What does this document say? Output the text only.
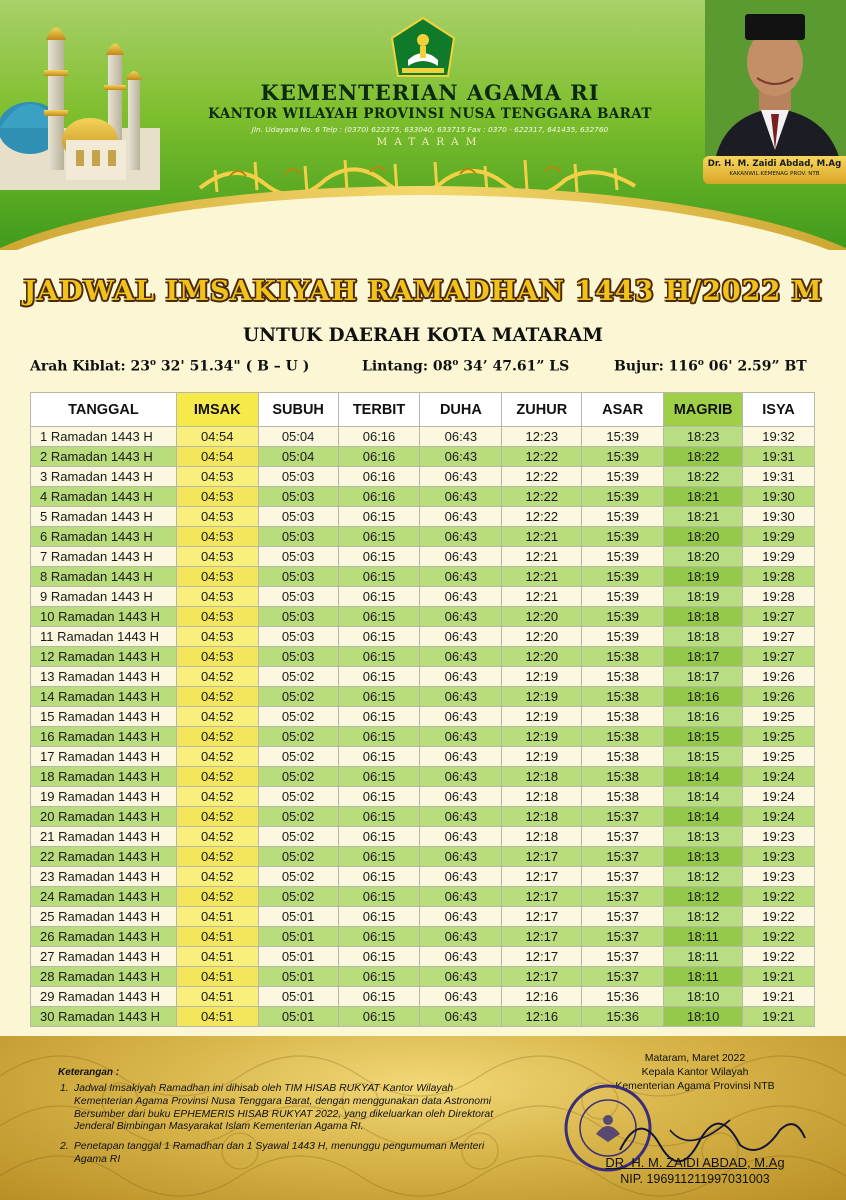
KEMENTERIAN AGAMA RI
KANTOR WILAYAH PROVINSI NUSA TENGGARA BARAT
Jln. Udayana No. 6 Telp : (0370) 622375, 633040, 633715 Fax : 0370 - 622317, 641435, 632760
MATARAM
Dr. H. M. Zaidi Abdad, M.Ag
KAKANWIL KEMENAG PROV. NTB
JADWAL IMSAKIYAH RAMADHAN 1443 H/2022 M
UNTUK DAERAH KOTA MATARAM
Arah Kiblat: 23$^o$ 32' 51.34" ( B – U )	Lintang: 08$^o$ 34’ 47.61” LS	Bujur: 116$^o$ 06' 2.59” BT
TANGGAL	IMSAK	SUBUH	TERBIT	DUHA	ZUHUR	ASAR	MAGRIB	ISYA
1 Ramadan 1443 H	04:54	05:04	06:16	06:43	12:23	15:39	18:23	19:32
2 Ramadan 1443 H	04:54	05:04	06:16	06:43	12:22	15:39	18:22	19:31
3 Ramadan 1443 H	04:53	05:03	06:16	06:43	12:22	15:39	18:22	19:31
4 Ramadan 1443 H	04:53	05:03	06:16	06:43	12:22	15:39	18:21	19:30
5 Ramadan 1443 H	04:53	05:03	06:15	06:43	12:22	15:39	18:21	19:30
6 Ramadan 1443 H	04:53	05:03	06:15	06:43	12:21	15:39	18:20	19:29
7 Ramadan 1443 H	04:53	05:03	06:15	06:43	12:21	15:39	18:20	19:29
8 Ramadan 1443 H	04:53	05:03	06:15	06:43	12:21	15:39	18:19	19:28
9 Ramadan 1443 H	04:53	05:03	06:15	06:43	12:21	15:39	18:19	19:28
10 Ramadan 1443 H	04:53	05:03	06:15	06:43	12:20	15:39	18:18	19:27
11 Ramadan 1443 H	04:53	05:03	06:15	06:43	12:20	15:39	18:18	19:27
12 Ramadan 1443 H	04:53	05:03	06:15	06:43	12:20	15:38	18:17	19:27
13 Ramadan 1443 H	04:52	05:02	06:15	06:43	12:19	15:38	18:17	19:26
14 Ramadan 1443 H	04:52	05:02	06:15	06:43	12:19	15:38	18:16	19:26
15 Ramadan 1443 H	04:52	05:02	06:15	06:43	12:19	15:38	18:16	19:25
16 Ramadan 1443 H	04:52	05:02	06:15	06:43	12:19	15:38	18:15	19:25
17 Ramadan 1443 H	04:52	05:02	06:15	06:43	12:19	15:38	18:15	19:25
18 Ramadan 1443 H	04:52	05:02	06:15	06:43	12:18	15:38	18:14	19:24
19 Ramadan 1443 H	04:52	05:02	06:15	06:43	12:18	15:38	18:14	19:24
20 Ramadan 1443 H	04:52	05:02	06:15	06:43	12:18	15:37	18:14	19:24
21 Ramadan 1443 H	04:52	05:02	06:15	06:43	12:18	15:37	18:13	19:23
22 Ramadan 1443 H	04:52	05:02	06:15	06:43	12:17	15:37	18:13	19:23
23 Ramadan 1443 H	04:52	05:02	06:15	06:43	12:17	15:37	18:12	19:23
24 Ramadan 1443 H	04:52	05:02	06:15	06:43	12:17	15:37	18:12	19:22
25 Ramadan 1443 H	04:51	05:01	06:15	06:43	12:17	15:37	18:12	19:22
26 Ramadan 1443 H	04:51	05:01	06:15	06:43	12:17	15:37	18:11	19:22
27 Ramadan 1443 H	04:51	05:01	06:15	06:43	12:17	15:37	18:11	19:22
28 Ramadan 1443 H	04:51	05:01	06:15	06:43	12:17	15:37	18:11	19:21
29 Ramadan 1443 H	04:51	05:01	06:15	06:43	12:16	15:36	18:10	19:21
30 Ramadan 1443 H	04:51	05:01	06:15	06:43	12:16	15:36	18:10	19:21
Keterangan :
1. Jadwal Imsakiyah Ramadhan ini dihisab oleh TIM HISAB RUKYAT Kantor Wilayah Kementerian Agama Provinsi Nusa Tenggara Barat, dengan menggunakan data Astronomi Bersumber dari buku EPHEMERIS HISAB RUKYAT 2022, yang dikeluarkan oleh Direktorat Jenderal Bimbingan Masyarakat Islam Kementerian Agama RI.
2. Penetapan tanggal 1 Ramadhan dan 1 Syawal 1443 H, menunggu pengumuman Menteri Agama RI
Mataram, Maret 2022
Kepala Kantor Wilayah
Kementerian Agama Provinsi NTB
DR. H. M. ZAIDI ABDAD, M.Ag
NIP. 196911211997031003
